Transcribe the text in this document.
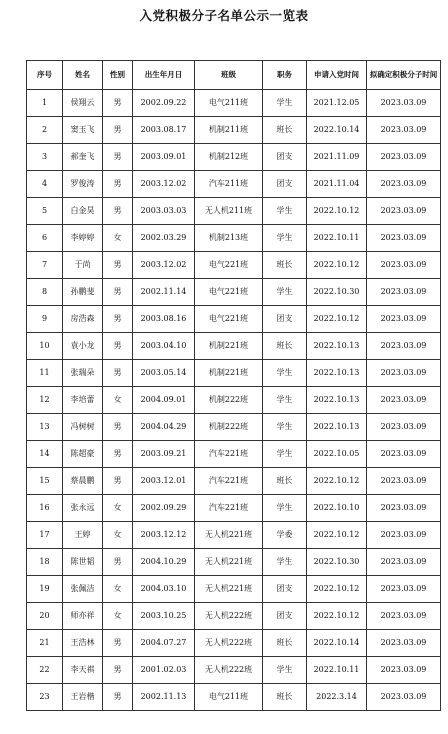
入党积极分子名单公示一览表
序号	姓名	性别	出生年月日	班级	职务	申请入党时间	拟确定积极分子时间
1	侯翔云	男	2002.09.22	电气211班	学生	2021.12.05	2023.03.09
2	窦玉飞	男	2003.08.17	机制211班	班长	2022.10.14	2023.03.09
3	郝奎飞	男	2003.09.01	机制212班	团支	2021.11.09	2023.03.09
4	罗俊涛	男	2003.12.02	汽车211班	团支	2021.11.04	2023.03.09
5	白金昊	男	2003.03.03	无人机211班	学生	2022.10.12	2023.03.09
6	李婷婷	女	2002.03.29	机制213班	学生	2022.10.11	2023.03.09
7	于尚	男	2003.12.02	电气221班	班长	2022.10.12	2023.03.09
8	孙鹏斐	男	2002.11.14	电气221班	学生	2022.10.30	2023.03.09
9	房浩森	男	2003.08.16	电气221班	团支	2022.10.12	2023.03.09
10	袁小龙	男	2003.04.10	机制221班	班长	2022.10.13	2023.03.09
11	张瑞朵	男	2003.05.14	机制221班	学生	2022.10.13	2023.03.09
12	李培蕾	女	2004.09.01	机制222班	学生	2022.10.13	2023.03.09
13	冯树树	男	2004.04.29	机制222班	学生	2022.10.13	2023.03.09
14	陈超豪	男	2003.09.21	汽车221班	学生	2022.10.05	2023.03.09
15	蔡晨鹏	男	2003.12.01	汽车221班	班长	2022.10.12	2023.03.09
16	张永远	女	2002.09.29	汽车221班	学生	2022.10.10	2023.03.09
17	王婷	女	2003.12.12	无人机221班	学委	2022.10.12	2023.03.09
18	陈世韬	男	2004.10.29	无人机221班	学生	2022.10.30	2023.03.09
19	张佩洁	女	2004.03.10	无人机221班	团支	2022.10.12	2023.03.09
20	师亦祥	女	2003.10.25	无人机222班	团支	2022.10.12	2023.03.09
21	王浩林	男	2004.07.27	无人机222班	班长	2022.10.14	2023.03.09
22	李天祺	男	2001.02.03	无人机222班	学生	2022.10.11	2023.03.09
23	王岩楷	男	2002.11.13	电气211班	班长	2022.3.14	2023.03.09
